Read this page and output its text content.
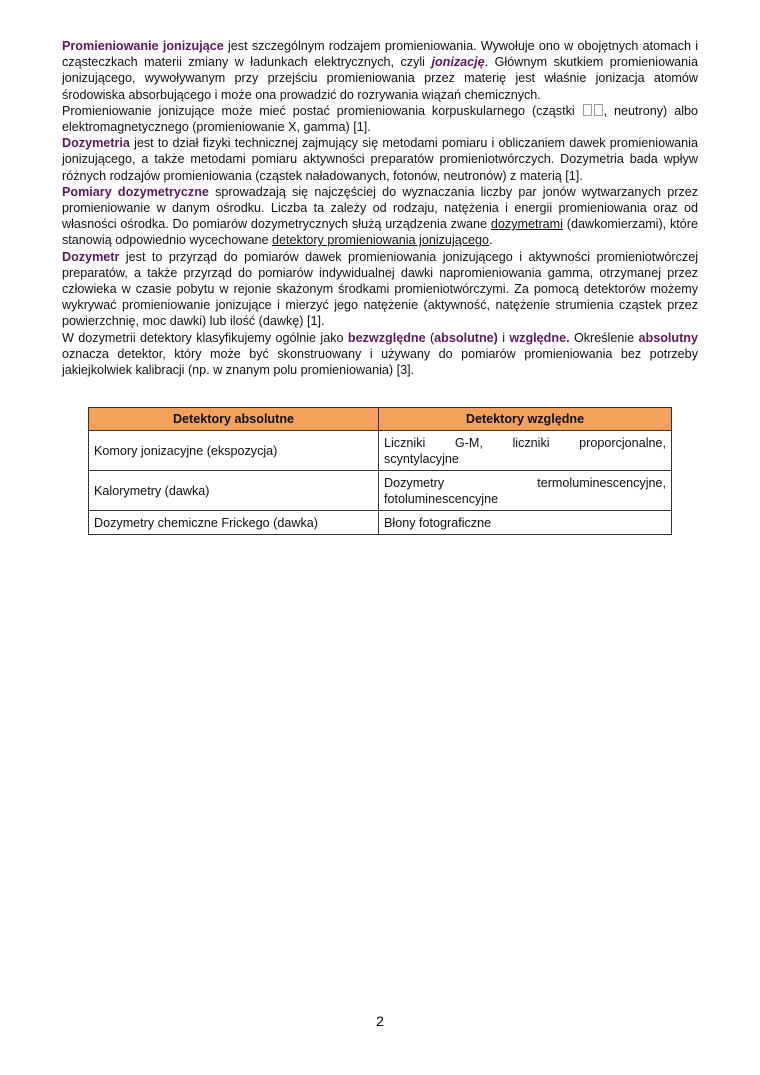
Promieniowanie jonizujące jest szczególnym rodzajem promieniowania. Wywołuje ono w obojętnych atomach i cząsteczkach materii zmiany w ładunkach elektrycznych, czyli jonizację. Głównym skutkiem promieniowania jonizującego, wywoływanym przy przejściu promieniowania przez materię jest właśnie jonizacja atomów środowiska absorbującego i może ona prowadzić do rozrywania wiązań chemicznych.

Promieniowanie jonizujące może mieć postać promieniowania korpuskularnego (cząstki , neutrony) albo elektromagnetycznego (promieniowanie X, gamma) [1].

Dozymetria jest to dział fizyki technicznej zajmujący się metodami pomiaru i obliczaniem dawek promieniowania jonizującego, a także metodami pomiaru aktywności preparatów promieniotwórczych. Dozymetria bada wpływ różnych rodzajów promieniowania (cząstek naładowanych, fotonów, neutronów) z materią [1].

Pomiary dozymetryczne sprowadzają się najczęściej do wyznaczania liczby par jonów wytwarzanych przez promieniowanie w danym ośrodku. Liczba ta zależy od rodzaju, natężenia i energii promieniowania oraz od własności ośrodka. Do pomiarów dozymetrycznych służą urządzenia zwane dozymetrami (dawkomierzami), które stanowią odpowiednio wycechowane detektory promieniowania jonizującego.

Dozymetr jest to przyrząd do pomiarów dawek promieniowania jonizującego i aktywności promieniotwórczej preparatów, a także przyrząd do pomiarów indywidualnej dawki napromieniowania gamma, otrzymanej przez człowieka w czasie pobytu w rejonie skażonym środkami promieniotwórczymi. Za pomocą detektorów możemy wykrywać promieniowanie jonizujące i mierzyć jego natężenie (aktywność, natężenie strumienia cząstek przez powierzchnię, moc dawki) lub ilość (dawkę) [1].

W dozymetrii detektory klasyfikujemy ogólnie jako bezwzględne (absolutne) i względne. Określenie absolutny oznacza detektor, który może być skonstruowany i używany do pomiarów promieniowania bez potrzeby jakiejkolwiek kalibracji (np. w znanym polu promieniowania) [3].

Detektory absolutne	Detektory względne
Komory jonizacyjne (ekspozycja)	Liczniki G-M, liczniki proporcjonalne, scyntylacyjne
Kalorymetry (dawka)	Dozymetry termoluminescencyjne, fotoluminescencyjne
Dozymetry chemiczne Frickego (dawka)	Błony fotograficzne
2
